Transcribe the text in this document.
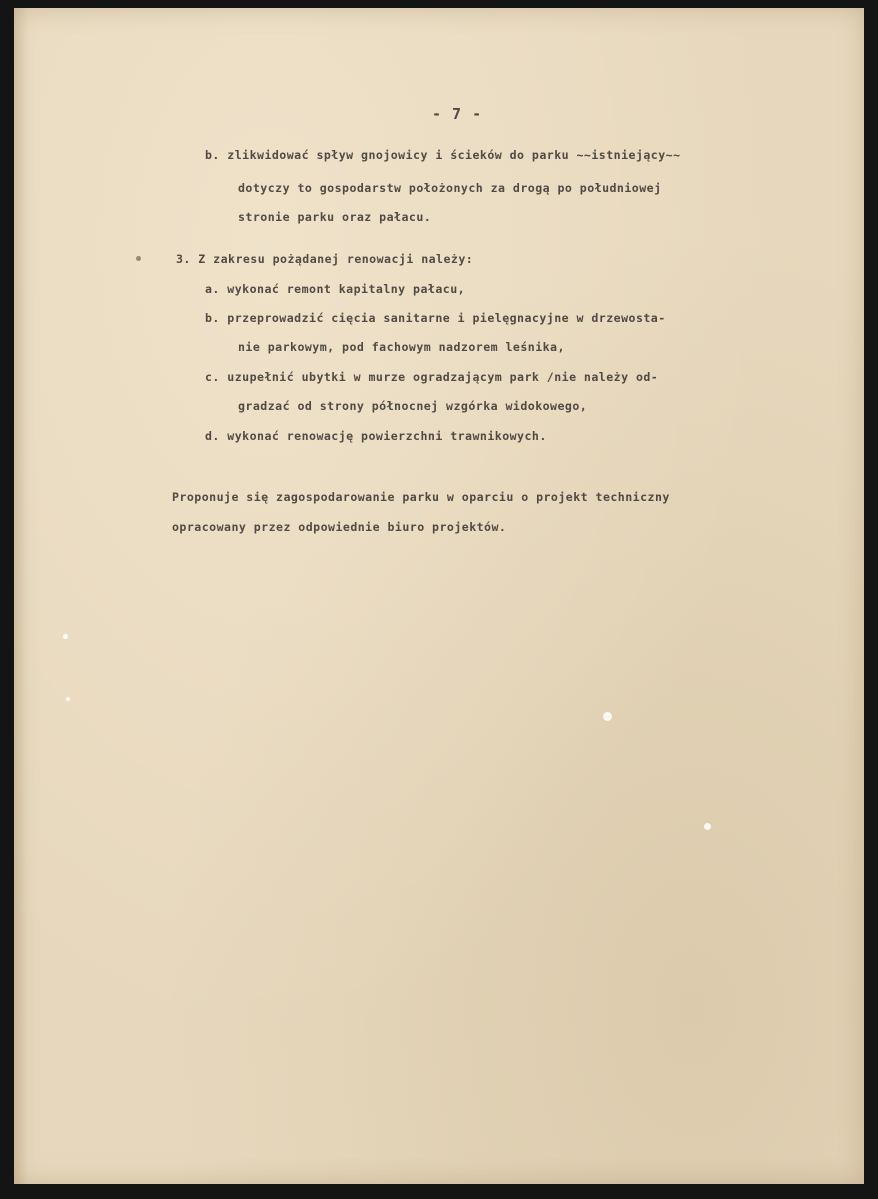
- 7 -
b. zlikwidować spływ gnojowicy i ścieków do parku ~~istniejący~~
dotyczy to gospodarstw położonych za drogą po południowej
stronie parku oraz pałacu.
3. Z zakresu pożądanej renowacji należy:
a. wykonać remont kapitalny pałacu,
b. przeprowadzić cięcia sanitarne i pielęgnacyjne w drzewosta-
nie parkowym, pod fachowym nadzorem leśnika,
c. uzupełnić ubytki w murze ogradzającym park /nie należy od-
gradzać od strony północnej wzgórka widokowego,
d. wykonać renowację powierzchni trawnikowych.
Proponuje się zagospodarowanie parku w oparciu o projekt techniczny
opracowany przez odpowiednie biuro projektów.
